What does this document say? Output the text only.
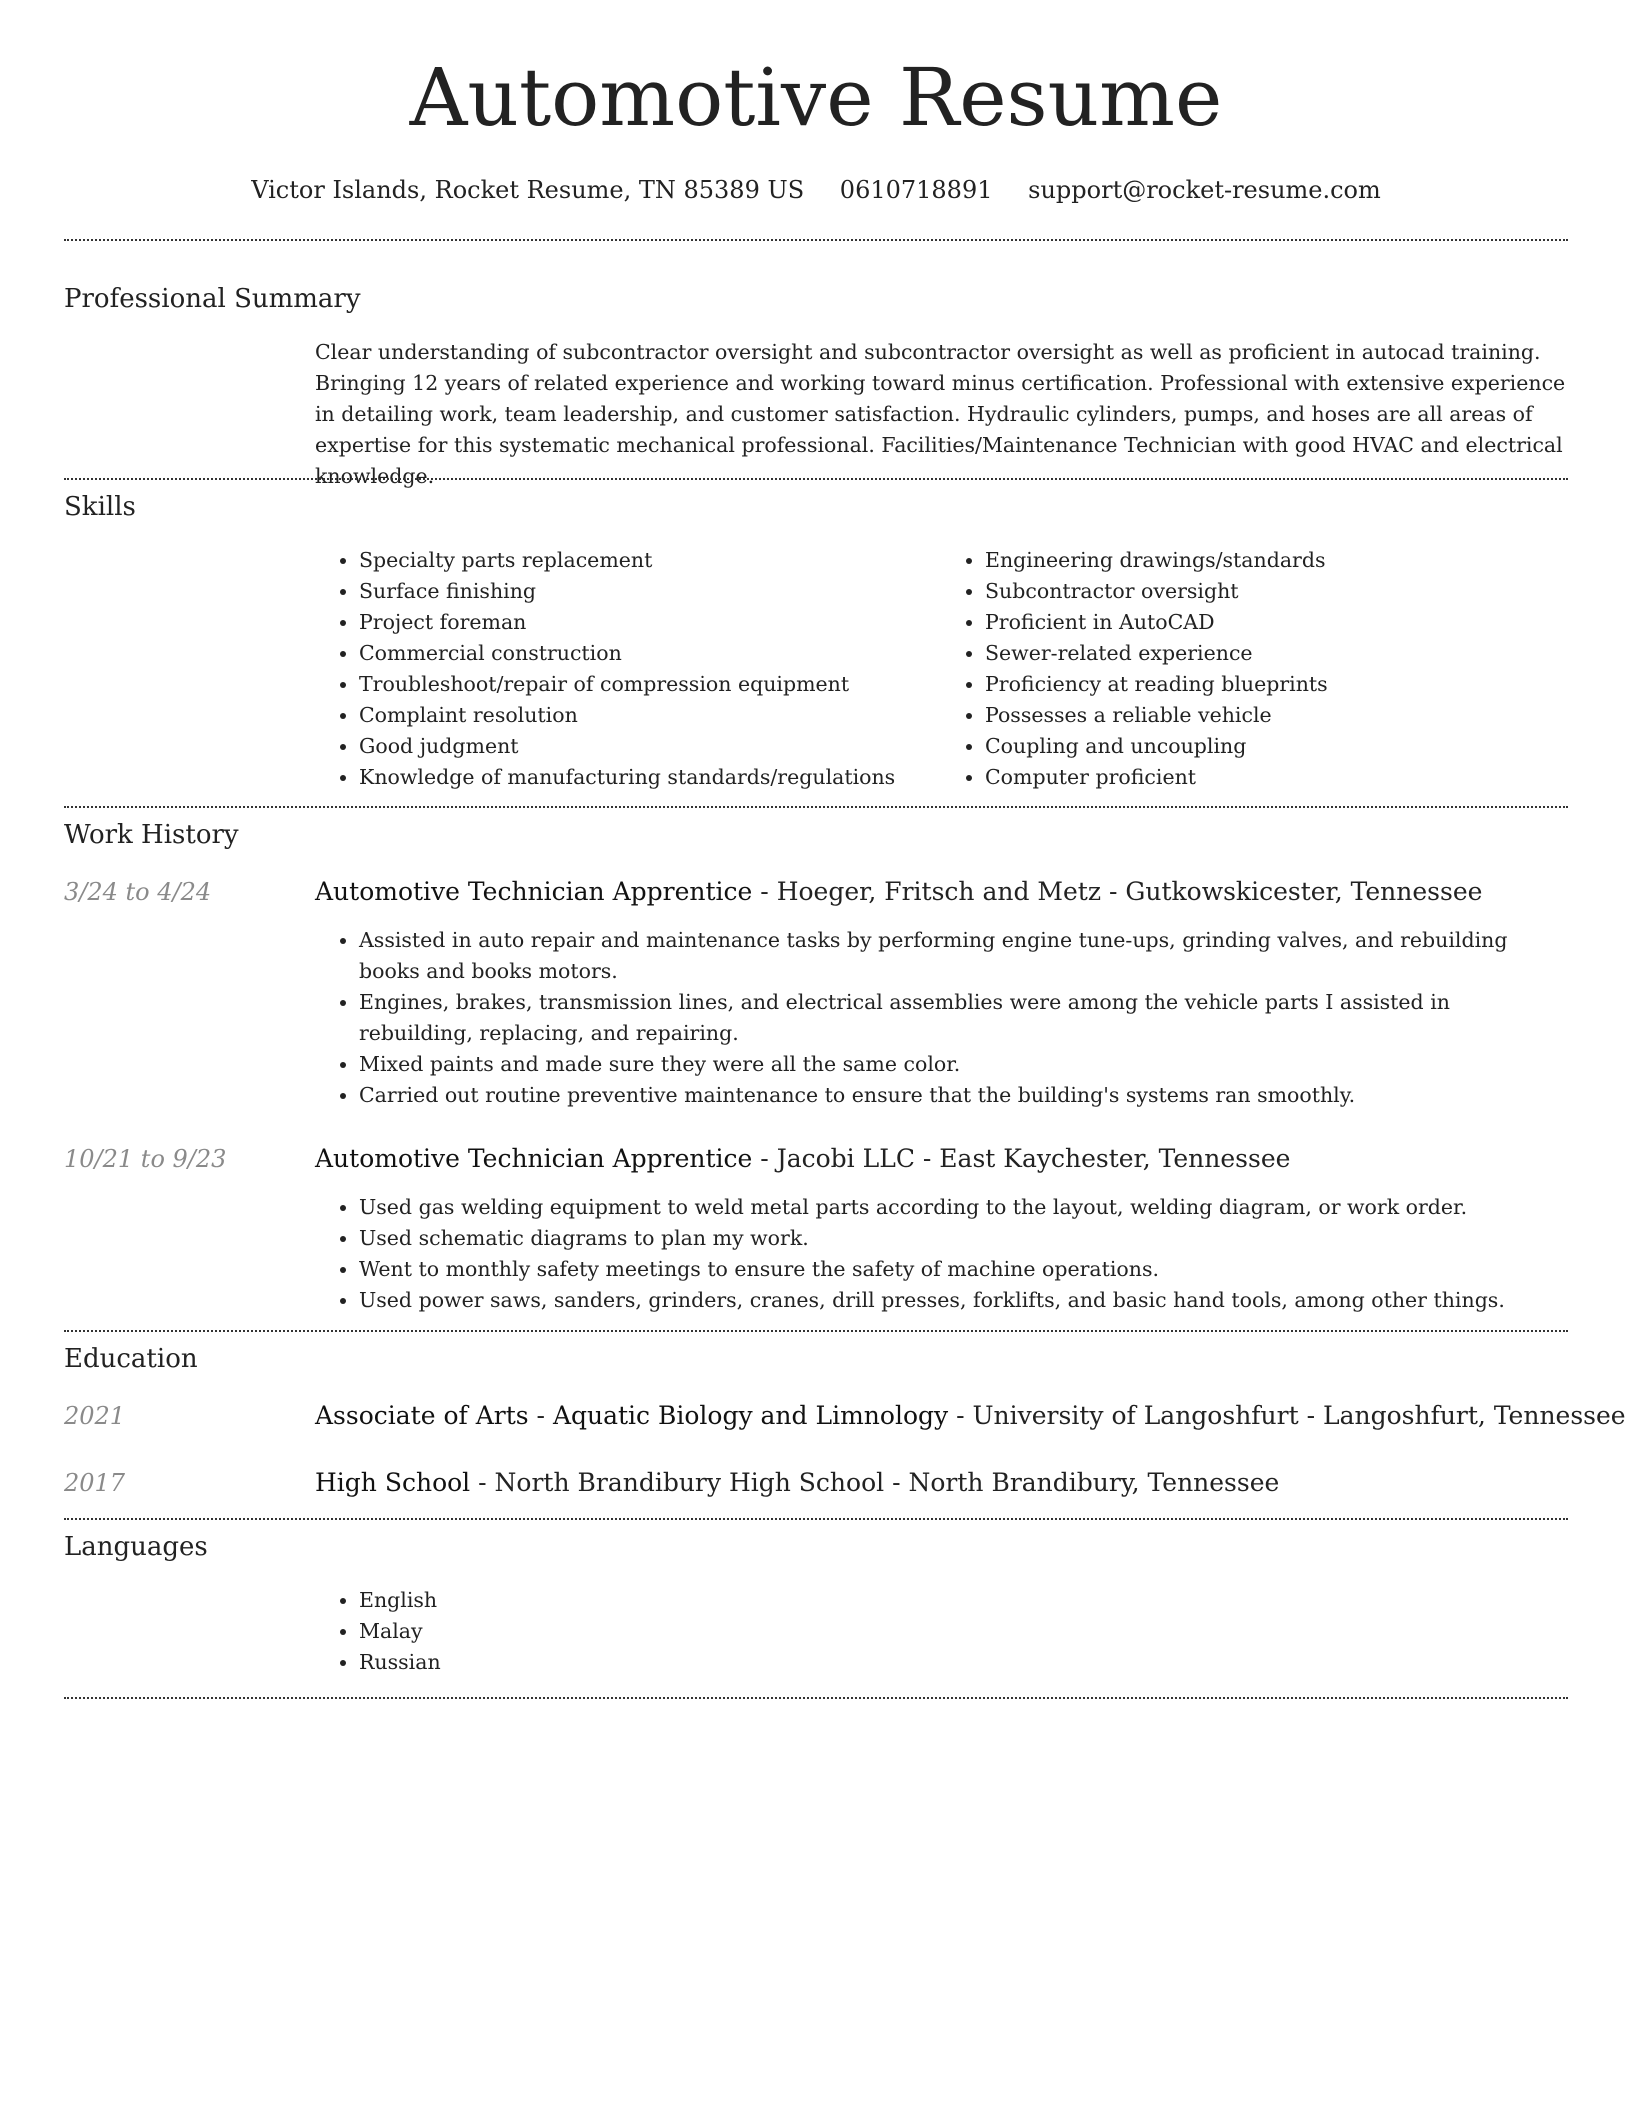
Automotive Resume
Victor Islands, Rocket Resume, TN 85389 US 0610718891 support@rocket-resume.com
Professional Summary
Clear understanding of subcontractor oversight and subcontractor oversight as well as proficient in autocad training. Bringing 12 years of related experience and working toward minus certification. Professional with extensive experience in detailing work, team leadership, and customer satisfaction. Hydraulic cylinders, pumps, and hoses are all areas of expertise for this systematic mechanical professional. Facilities/Maintenance Technician with good HVAC and electrical knowledge.
Skills
• Specialty parts replacement
• Surface finishing
• Project foreman
• Commercial construction
• Troubleshoot/repair of compression equipment
• Complaint resolution
• Good judgment
• Knowledge of manufacturing standards/regulations
• Engineering drawings/standards
• Subcontractor oversight
• Proficient in AutoCAD
• Sewer-related experience
• Proficiency at reading blueprints
• Possesses a reliable vehicle
• Coupling and uncoupling
• Computer proficient
Work History
3/24 to 4/24	Automotive Technician Apprentice - Hoeger, Fritsch and Metz - Gutkowskicester, Tennessee
• Assisted in auto repair and maintenance tasks by performing engine tune-ups, grinding valves, and rebuilding books and books motors.
• Engines, brakes, transmission lines, and electrical assemblies were among the vehicle parts I assisted in rebuilding, replacing, and repairing.
• Mixed paints and made sure they were all the same color.
• Carried out routine preventive maintenance to ensure that the building's systems ran smoothly.
10/21 to 9/23	Automotive Technician Apprentice - Jacobi LLC - East Kaychester, Tennessee
• Used gas welding equipment to weld metal parts according to the layout, welding diagram, or work order.
• Used schematic diagrams to plan my work.
• Went to monthly safety meetings to ensure the safety of machine operations.
• Used power saws, sanders, grinders, cranes, drill presses, forklifts, and basic hand tools, among other things.
Education
2021	Associate of Arts - Aquatic Biology and Limnology - University of Langoshfurt - Langoshfurt, Tennessee
2017	High School - North Brandibury High School - North Brandibury, Tennessee
Languages
• English
• Malay
• Russian
